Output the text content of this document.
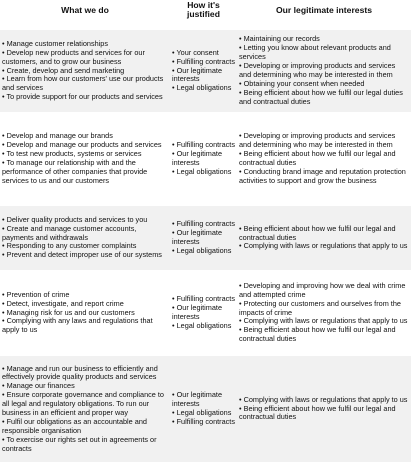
What we do	How it's justified	Our legitimate interests
• Manage customer relationships
• Develop new products and services for our customers, and to grow our business
• Create, develop and send marketing
• Learn from how our customers' use our products and services
• To provide support for our products and services
• Your consent
• Fulfilling contracts
• Our legitimate interests
• Legal obligations
• Maintaining our records
• Letting you know about relevant products and services
• Developing or improving products and services and determining who may be interested in them
• Obtaining your consent when needed
• Being efficient about how we fulfil our legal duties and contractual duties
• Develop and manage our brands
• Develop and manage our products and services
• To test new products, systems or services
• To manage our relationship with and the performance of other companies that provide services to us and our customers
• Fulfilling contracts
• Our legitimate interests
• Legal obligations
• Developing or improving products and services and determining who may be interested in them
• Being efficient about how we fulfil our legal and contractual duties
• Conducting brand image and reputation protection activities to support and grow the business
• Deliver quality products and services to you
• Create and manage customer accounts, payments and withdrawals
• Responding to any customer complaints
• Prevent and detect improper use of our systems
• Fulfilling contracts
• Our legitimate interests
• Legal obligations
• Being efficient about how we fulfil our legal and contractual duties
• Complying with laws or regulations that apply to us
• Prevention of crime
• Detect, investigate, and report crime
• Managing risk for us and our customers
• Complying with any laws and regulations that apply to us
• Fulfilling contracts
• Our legitimate interests
• Legal obligations
• Developing and improving how we deal with crime and attempted crime
• Protecting our customers and ourselves from the impacts of crime
• Complying with laws or regulations that apply to us
• Being efficient about how we fulfil our legal and contractual duties
• Manage and run our business to efficiently and effectively provide quality products and services
• Manage our finances
• Ensure corporate governance and compliance to all legal and regulatory obligations. To run our business in an efficient and proper way
• Fulfil our obligations as an accountable and responsible organisation
• To exercise our rights set out in agreements or contracts
• Our legitimate interests
• Legal obligations
• Fulfilling contracts
• Complying with laws or regulations that apply to us
• Being efficient about how we fulfil our legal and contractual duties
